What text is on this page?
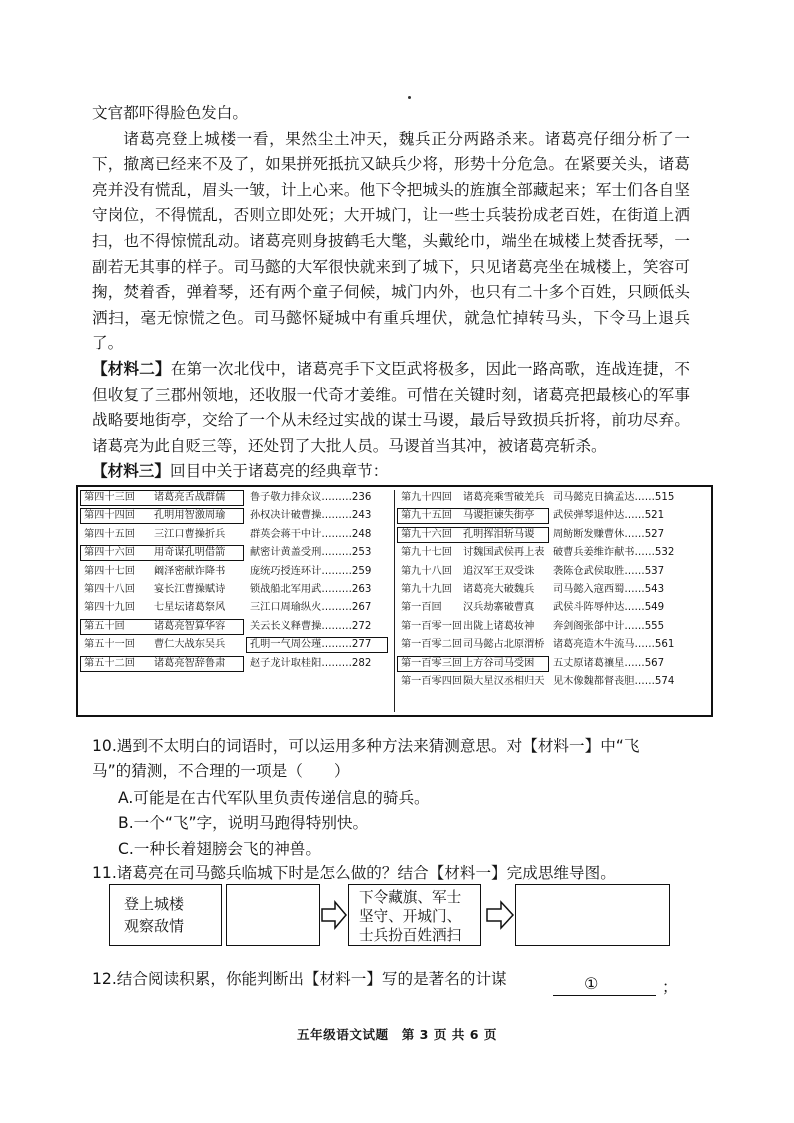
文官都吓得脸色发白。

诸葛亮登上城楼一看，果然尘土冲天，魏兵正分两路杀来。诸葛亮仔细分析了一下，撤离已经来不及了，如果拼死抵抗又缺兵少将，形势十分危急。在紧要关头，诸葛亮并没有慌乱，眉头一皱，计上心来。他下令把城头的旌旗全部藏起来；军士们各自坚守岗位，不得慌乱，否则立即处死；大开城门，让一些士兵装扮成老百姓，在街道上洒扫，也不得惊慌乱动。诸葛亮则身披鹤毛大氅，头戴纶巾，端坐在城楼上焚香抚琴，一副若无其事的样子。司马懿的大军很快就来到了城下，只见诸葛亮坐在城楼上，笑容可掬，焚着香，弹着琴，还有两个童子伺候，城门内外，也只有二十多个百姓，只顾低头洒扫，毫无惊慌之色。司马懿怀疑城中有重兵埋伏，就急忙掉转马头，下令马上退兵了。

【材料二】在第一次北伐中，诸葛亮手下文臣武将极多，因此一路高歌，连战连捷，不但收复了三郡州领地，还收服一代奇才姜维。可惜在关键时刻，诸葛亮把最核心的军事战略要地街亭，交给了一个从未经过实战的谋士马谡，最后导致损兵折将，前功尽弃。诸葛亮为此自贬三等，还处罚了大批人员。马谡首当其冲，被诸葛亮斩杀。

【材料三】回目中关于诸葛亮的经典章节：

第四十三回	诸葛亮舌战群儒	鲁子敬力排众议………236
第四十四回	孔明用智激周瑜	孙权决计破曹操………243
第四十五回	三江口曹操折兵	群英会蒋干中计………248
第四十六回	用奇谋孔明借箭	献密计黄盖受刑………253
第四十七回	阚泽密献诈降书	庞统巧授连环计………259
第四十八回	宴长江曹操赋诗	锁战船北军用武………263
第四十九回	七星坛诸葛祭风	三江口周瑜纵火………267
第五十回	诸葛亮智算华容	关云长义释曹操………272
第五十一回	曹仁大战东吴兵	孔明一气周公瑾………277
第五十二回	诸葛亮智辞鲁肃	赵子龙计取桂阳………282
第九十四回	诸葛亮乘雪破羌兵 司马懿克日擒孟达……515
第九十五回	马谡拒谏失街亭	武侯弹琴退仲达……521
第九十六回	孔明挥泪斩马谡	周鲂断发赚曹休……527
第九十七回	讨魏国武侯再上表 破曹兵姜维诈献书……532
第九十八回	追汉军王双受诛	袭陈仓武侯取胜……537
第九十九回	诸葛亮大破魏兵	司马懿入寇西蜀……543
第一百回	汉兵劫寨破曹真	武侯斗阵辱仲达……549
第一百零一回 出陇上诸葛妆神	奔剑阁张郃中计……555
第一百零二回 司马懿占北原渭桥 诸葛亮造木牛流马……561
第一百零三回 上方谷司马受困	五丈原诸葛禳星……567
第一百零四回 陨大星汉丞相归天 见木像魏都督丧胆……574
10.遇到不太明白的词语时，可以运用多种方法来猜测意思。对【材料一】中“飞
马”的猜测，不合理的一项是（　　）
A.可能是在古代军队里负责传递信息的骑兵。
B.一个“飞”字，说明马跑得特别快。
C.一种长着翅膀会飞的神兽。
11.诸葛亮在司马懿兵临城下时是怎么做的？结合【材料一】完成思维导图。
登上城楼
观察敌情
下令藏旗、军士
坚守、开城门、
士兵扮百姓洒扫
12.结合阅读积累，你能判断出【材料一】写的是著名的计谋	①	；
五年级语文试题　第 3 页 共 6 页
